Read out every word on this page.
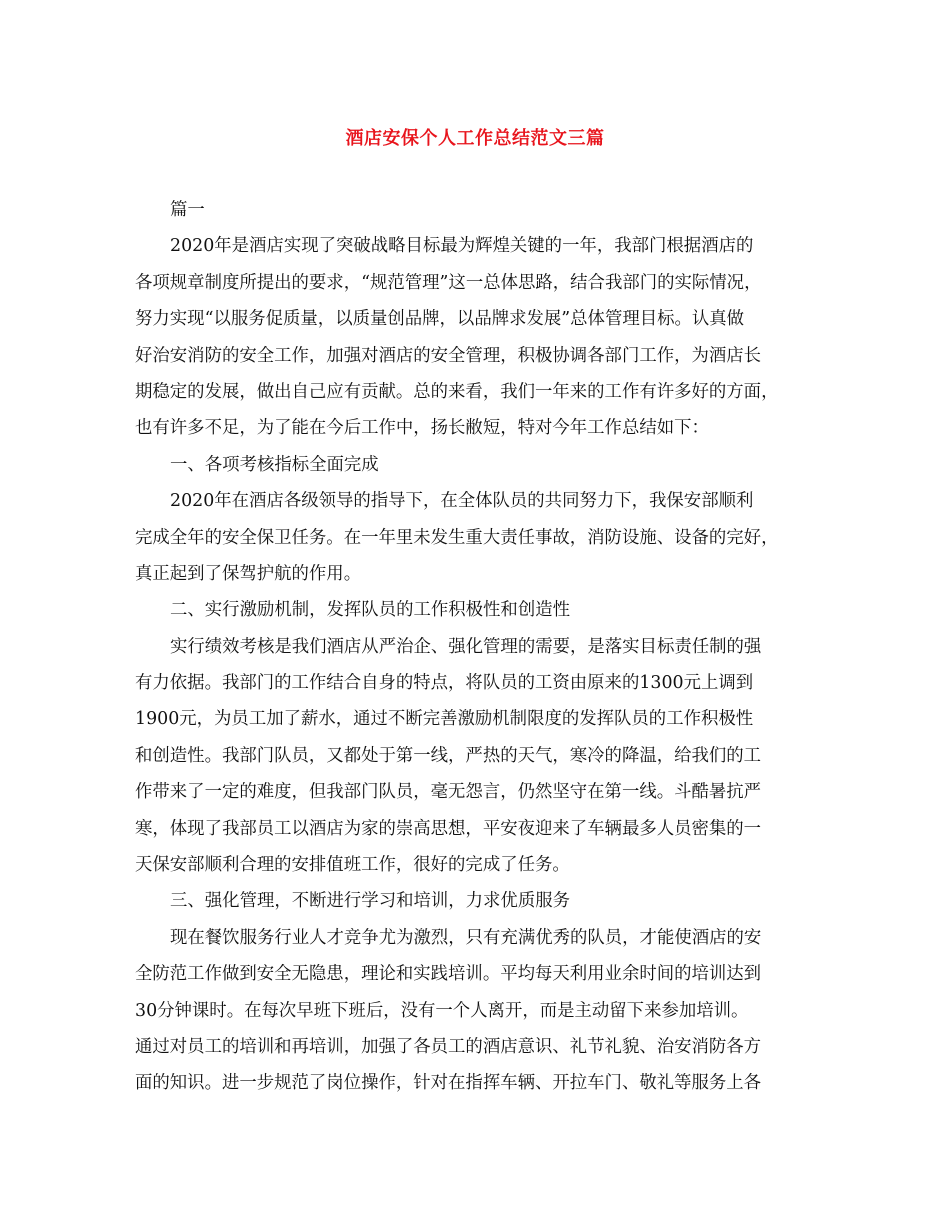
酒店安保个人工作总结范文三篇
篇一
2020年是酒店实现了突破战略目标最为辉煌关键的一年，我部门根据酒店的
各项规章制度所提出的要求，“规范管理”这一总体思路，结合我部门的实际情况，
努力实现“以服务促质量，以质量创品牌，以品牌求发展”总体管理目标。认真做
好治安消防的安全工作，加强对酒店的安全管理，积极协调各部门工作，为酒店长
期稳定的发展，做出自己应有贡献。总的来看，我们一年来的工作有许多好的方面，
也有许多不足，为了能在今后工作中，扬长敝短，特对今年工作总结如下：
一、各项考核指标全面完成
2020年在酒店各级领导的指导下，在全体队员的共同努力下，我保安部顺利
完成全年的安全保卫任务。在一年里未发生重大责任事故，消防设施、设备的完好，
真正起到了保驾护航的作用。
二、实行激励机制，发挥队员的工作积极性和创造性
实行绩效考核是我们酒店从严治企、强化管理的需要，是落实目标责任制的强
有力依据。我部门的工作结合自身的特点，将队员的工资由原来的1300元上调到
1900元，为员工加了薪水，通过不断完善激励机制限度的发挥队员的工作积极性
和创造性。我部门队员，又都处于第一线，严热的天气，寒冷的降温，给我们的工
作带来了一定的难度，但我部门队员，毫无怨言，仍然坚守在第一线。斗酷暑抗严
寒，体现了我部员工以酒店为家的崇高思想，平安夜迎来了车辆最多人员密集的一
天保安部顺利合理的安排值班工作，很好的完成了任务。
三、强化管理，不断进行学习和培训，力求优质服务
现在餐饮服务行业人才竞争尤为激烈，只有充满优秀的队员，才能使酒店的安
全防范工作做到安全无隐患，理论和实践培训。平均每天利用业余时间的培训达到
30分钟课时。在每次早班下班后，没有一个人离开，而是主动留下来参加培训。
通过对员工的培训和再培训，加强了各员工的酒店意识、礼节礼貌、治安消防各方
面的知识。进一步规范了岗位操作，针对在指挥车辆、开拉车门、敬礼等服务上各
